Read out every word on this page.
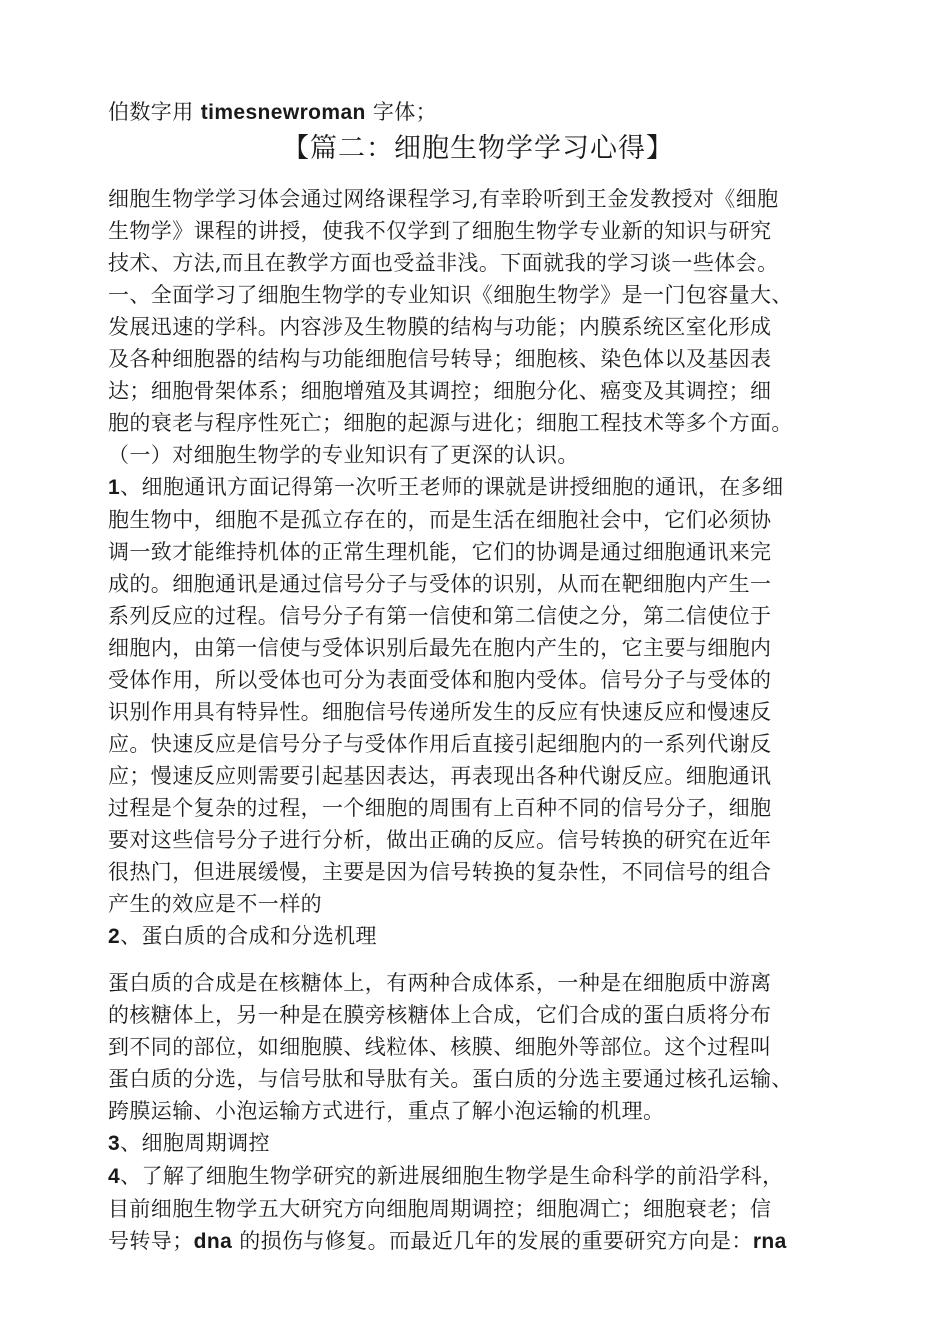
伯数字用 timesnewroman 字体；
【篇二：细胞生物学学习心得】
细胞生物学学习体会通过网络课程学习,有幸聆听到王金发教授对《细胞
生物学》课程的讲授，使我不仅学到了细胞生物学专业新的知识与研究
技术、方法,而且在教学方面也受益非浅。下面就我的学习谈一些体会。
一、全面学习了细胞生物学的专业知识《细胞生物学》是一门包容量大、
发展迅速的学科。内容涉及生物膜的结构与功能；内膜系统区室化形成
及各种细胞器的结构与功能细胞信号转导；细胞核、染色体以及基因表
达；细胞骨架体系；细胞增殖及其调控；细胞分化、癌变及其调控；细
胞的衰老与程序性死亡；细胞的起源与进化；细胞工程技术等多个方面。
（一）对细胞生物学的专业知识有了更深的认识。
1、细胞通讯方面记得第一次听王老师的课就是讲授细胞的通讯，在多细
胞生物中，细胞不是孤立存在的，而是生活在细胞社会中，它们必须协
调一致才能维持机体的正常生理机能，它们的协调是通过细胞通讯来完
成的。细胞通讯是通过信号分子与受体的识别，从而在靶细胞内产生一
系列反应的过程。信号分子有第一信使和第二信使之分，第二信使位于
细胞内，由第一信使与受体识别后最先在胞内产生的，它主要与细胞内
受体作用，所以受体也可分为表面受体和胞内受体。信号分子与受体的
识别作用具有特异性。细胞信号传递所发生的反应有快速反应和慢速反
应。快速反应是信号分子与受体作用后直接引起细胞内的一系列代谢反
应；慢速反应则需要引起基因表达，再表现出各种代谢反应。细胞通讯
过程是个复杂的过程，一个细胞的周围有上百种不同的信号分子，细胞
要对这些信号分子进行分析，做出正确的反应。信号转换的研究在近年
很热门，但进展缓慢，主要是因为信号转换的复杂性，不同信号的组合
产生的效应是不一样的
2、蛋白质的合成和分选机理
蛋白质的合成是在核糖体上，有两种合成体系，一种是在细胞质中游离
的核糖体上，另一种是在膜旁核糖体上合成，它们合成的蛋白质将分布
到不同的部位，如细胞膜、线粒体、核膜、细胞外等部位。这个过程叫
蛋白质的分选，与信号肽和导肽有关。蛋白质的分选主要通过核孔运输、
跨膜运输、小泡运输方式进行，重点了解小泡运输的机理。
3、细胞周期调控
4、了解了细胞生物学研究的新进展细胞生物学是生命科学的前沿学科，
目前细胞生物学五大研究方向细胞周期调控；细胞凋亡；细胞衰老；信
号转导；dna 的损伤与修复。而最近几年的发展的重要研究方向是：rna
